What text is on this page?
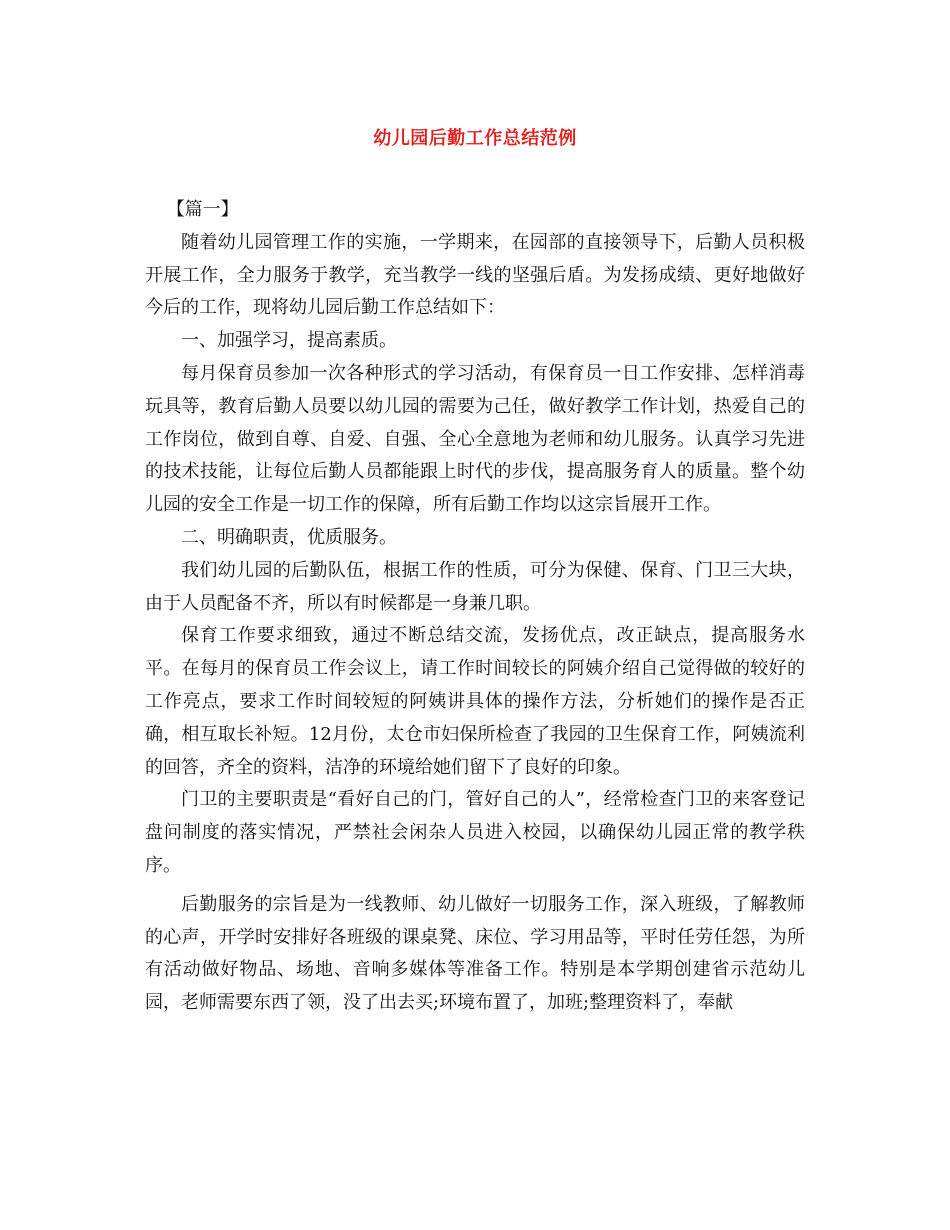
幼儿园后勤工作总结范例

【篇一】

随着幼儿园管理工作的实施，一学期来，在园部的直接领导下，后勤人员积极开展工作，全力服务于教学，充当教学一线的坚强后盾。为发扬成绩、更好地做好今后的工作，现将幼儿园后勤工作总结如下：

一、加强学习，提高素质。

每月保育员参加一次各种形式的学习活动，有保育员一日工作安排、怎样消毒玩具等，教育后勤人员要以幼儿园的需要为己任，做好教学工作计划，热爱自己的工作岗位，做到自尊、自爱、自强、全心全意地为老师和幼儿服务。认真学习先进的技术技能，让每位后勤人员都能跟上时代的步伐，提高服务育人的质量。整个幼儿园的安全工作是一切工作的保障，所有后勤工作均以这宗旨展开工作。

二、明确职责，优质服务。

我们幼儿园的后勤队伍，根据工作的性质，可分为保健、保育、门卫三大块，由于人员配备不齐，所以有时候都是一身兼几职。

保育工作要求细致，通过不断总结交流，发扬优点，改正缺点，提高服务水平。在每月的保育员工作会议上，请工作时间较长的阿姨介绍自己觉得做的较好的工作亮点，要求工作时间较短的阿姨讲具体的操作方法，分析她们的操作是否正确，相互取长补短。12月份，太仓市妇保所检查了我园的卫生保育工作，阿姨流利的回答，齐全的资料，洁净的环境给她们留下了良好的印象。

门卫的主要职责是“看好自己的门，管好自己的人”，经常检查门卫的来客登记盘问制度的落实情况，严禁社会闲杂人员进入校园，以确保幼儿园正常的教学秩序。

后勤服务的宗旨是为一线教师、幼儿做好一切服务工作，深入班级，了解教师的心声，开学时安排好各班级的课桌凳、床位、学习用品等，平时任劳任怨，为所有活动做好物品、场地、音响多媒体等准备工作。特别是本学期创建省示范幼儿园，老师需要东西了领，没了出去买;环境布置了，加班;整理资料了，奉献
